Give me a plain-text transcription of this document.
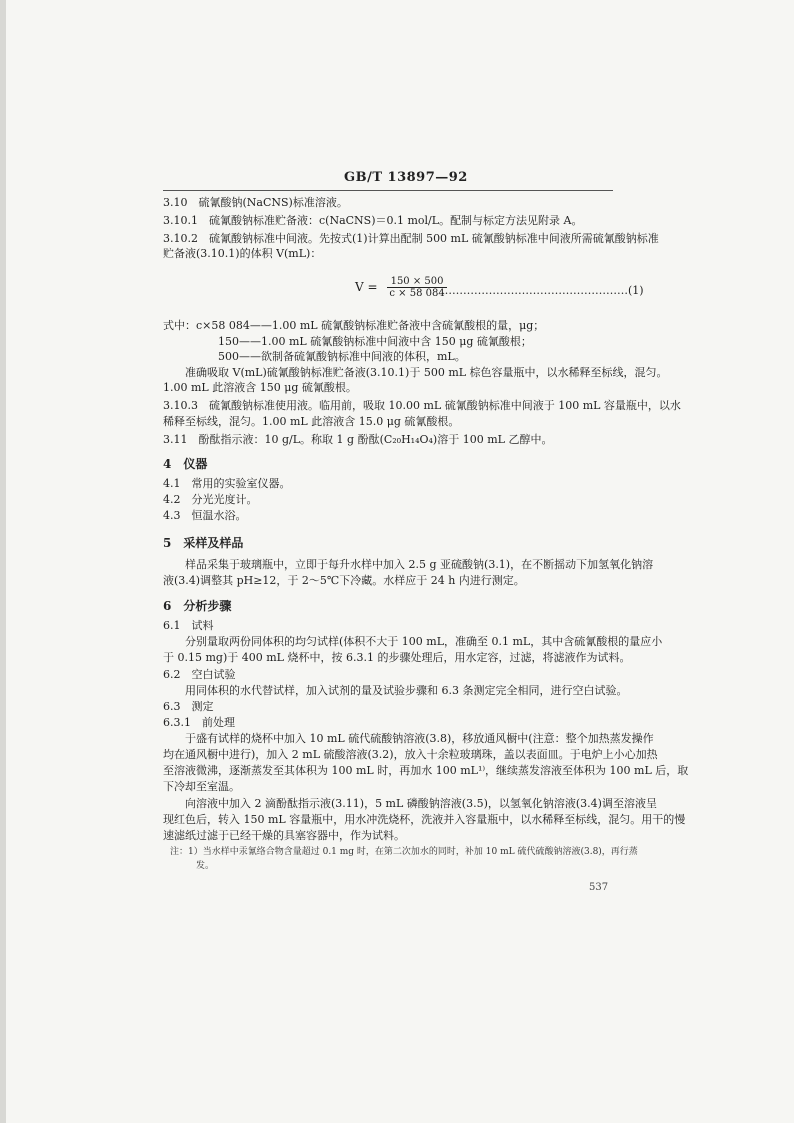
GB/T 13897—92
3.10　硫氰酸钠(NaCNS)标准溶液。
3.10.1　硫氰酸钠标准贮备液：c(NaCNS)＝0.1 mol/L。配制与标定方法见附录 A。
3.10.2　硫氰酸钠标准中间液。先按式(1)计算出配制 500 mL 硫氰酸钠标准中间液所需硫氰酸钠标准
贮备液(3.10.1)的体积 V(mL)：
$V = \frac{150 \times 500}{c \times 58 084}$
……………………………………………(1)
式中：c×58 084——1.00 mL 硫氰酸钠标准贮备液中含硫氰酸根的量，μg；
150——1.00 mL 硫氰酸钠标准中间液中含 150 μg 硫氰酸根；
500——欲制备硫氰酸钠标准中间液的体积，mL。
准确吸取 V(mL)硫氰酸钠标准贮备液(3.10.1)于 500 mL 棕色容量瓶中，以水稀释至标线，混匀。
1.00 mL 此溶液含 150 μg 硫氰酸根。
3.10.3　硫氰酸钠标准使用液。临用前，吸取 10.00 mL 硫氰酸钠标准中间液于 100 mL 容量瓶中，以水
稀释至标线，混匀。1.00 mL 此溶液含 15.0 μg 硫氰酸根。
3.11　酚酞指示液：10 g/L。称取 1 g 酚酞(C₂₀H₁₄O₄)溶于 100 mL 乙醇中。
4　仪器
4.1　常用的实验室仪器。
4.2　分光光度计。
4.3　恒温水浴。
5　采样及样品
样品采集于玻璃瓶中，立即于每升水样中加入 2.5 g 亚硫酸钠(3.1)，在不断摇动下加氢氧化钠溶
液(3.4)调整其 pH≥12，于 2～5℃下冷藏。水样应于 24 h 内进行测定。
6　分析步骤
6.1　试料
分别量取两份同体积的均匀试样(体积不大于 100 mL，准确至 0.1 mL，其中含硫氰酸根的量应小
于 0.15 mg)于 400 mL 烧杯中，按 6.3.1 的步骤处理后，用水定容，过滤，将滤液作为试料。
6.2　空白试验
用同体积的水代替试样，加入试剂的量及试验步骤和 6.3 条测定完全相同，进行空白试验。
6.3　测定
6.3.1　前处理
于盛有试样的烧杯中加入 10 mL 硫代硫酸钠溶液(3.8)，移放通风橱中(注意：整个加热蒸发操作
均在通风橱中进行)，加入 2 mL 硫酸溶液(3.2)，放入十余粒玻璃珠，盖以表面皿。于电炉上小心加热
至溶液微沸，逐渐蒸发至其体积为 100 mL 时，再加水 100 mL¹⁾，继续蒸发溶液至体积为 100 mL 后，取
下冷却至室温。
向溶液中加入 2 滴酚酞指示液(3.11)，5 mL 磷酸钠溶液(3.5)，以氢氧化钠溶液(3.4)调至溶液呈
现红色后，转入 150 mL 容量瓶中，用水冲洗烧杯，洗液并入容量瓶中，以水稀释至标线，混匀。用干的慢
速滤纸过滤于已经干燥的具塞容器中，作为试料。
注：1）当水样中汞氰络合物含量超过 0.1 mg 时，在第二次加水的同时，补加 10 mL 硫代硫酸钠溶液(3.8)，再行蒸
发。
537
